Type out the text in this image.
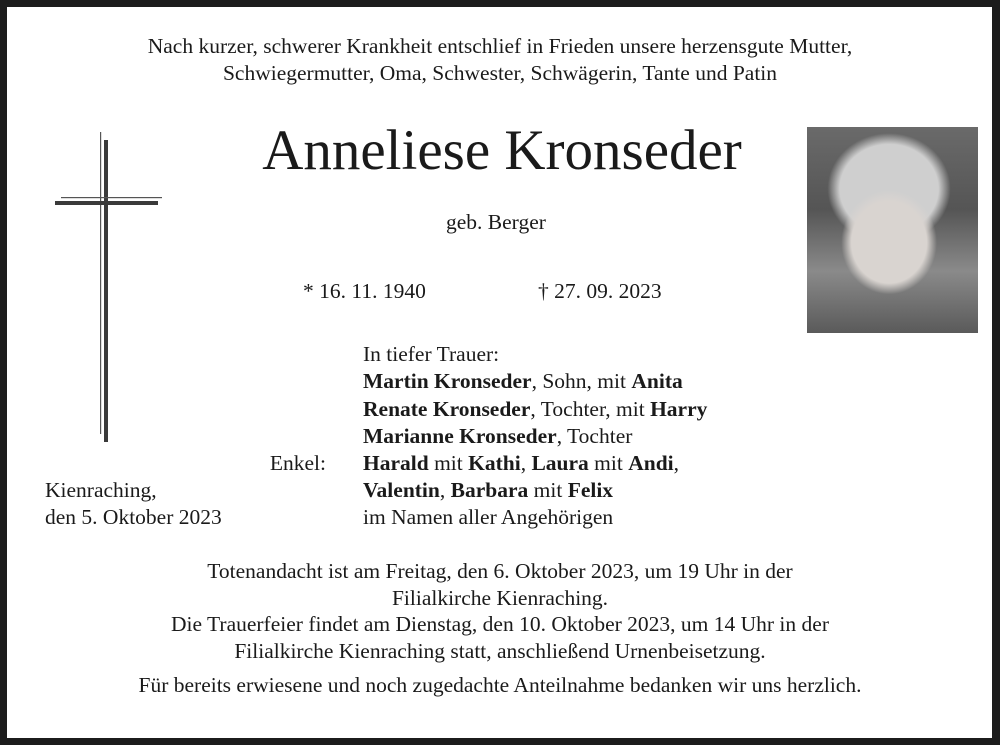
Nach kurzer, schwerer Krankheit entschlief in Frieden unsere herzensgute Mutter,
Schwiegermutter, Oma, Schwester, Schwägerin, Tante und Patin
Anneliese Kronseder
geb. Berger
* 16. 11. 1940	† 27. 09. 2023
In tiefer Trauer:
Martin Kronseder, Sohn, mit Anita
Renate Kronseder, Tochter, mit Harry
Marianne Kronseder, Tochter
Enkel: Harald mit Kathi, Laura mit Andi,
Valentin, Barbara mit Felix
im Namen aller Angehörigen
Kienraching,
den 5. Oktober 2023
Totenandacht ist am Freitag, den 6. Oktober 2023, um 19 Uhr in der
Filialkirche Kienraching.
Die Trauerfeier findet am Dienstag, den 10. Oktober 2023, um 14 Uhr in der
Filialkirche Kienraching statt, anschließend Urnenbeisetzung.
Für bereits erwiesene und noch zugedachte Anteilnahme bedanken wir uns herzlich.
